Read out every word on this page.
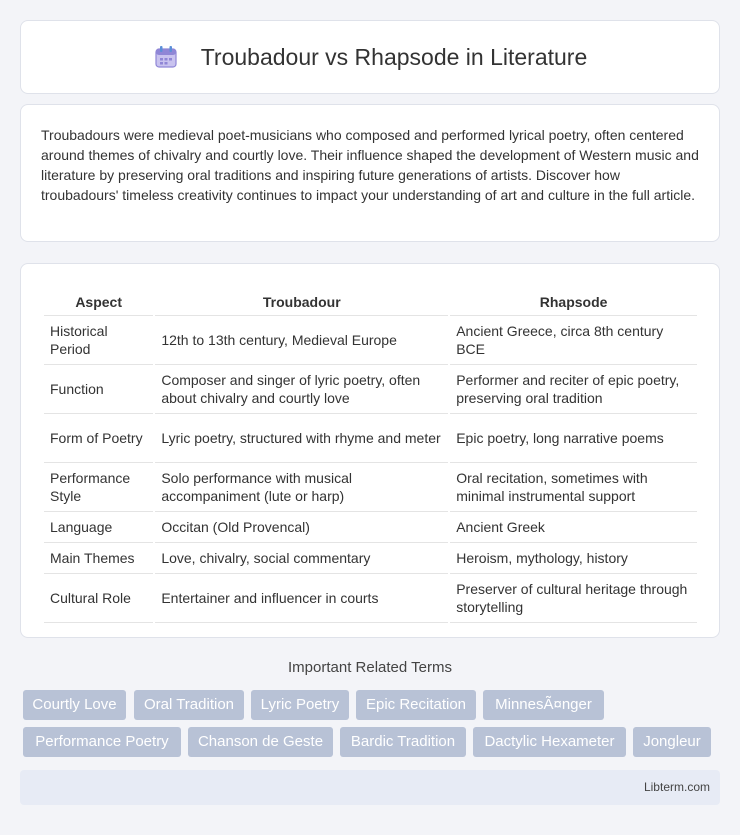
Troubadour vs Rhapsode in Literature

Troubadours were medieval poet-musicians who composed and performed lyrical poetry, often centered around themes of chivalry and courtly love. Their influence shaped the development of Western music and literature by preserving oral traditions and inspiring future generations of artists. Discover how troubadours' timeless creativity continues to impact your understanding of art and culture in the full article.

Aspect	Troubadour	Rhapsode
Historical Period	12th to 13th century, Medieval Europe	Ancient Greece, circa 8th century BCE
Function	Composer and singer of lyric poetry, often about chivalry and courtly love	Performer and reciter of epic poetry, preserving oral tradition
Form of Poetry	Lyric poetry, structured with rhyme and meter	Epic poetry, long narrative poems
Performance Style	Solo performance with musical accompaniment (lute or harp)	Oral recitation, sometimes with minimal instrumental support
Language	Occitan (Old Provencal)	Ancient Greek
Main Themes	Love, chivalry, social commentary	Heroism, mythology, history
Cultural Role	Entertainer and influencer in courts	Preserver of cultural heritage through storytelling
Important Related Terms
Courtly Love	Oral Tradition	Lyric Poetry	Epic Recitation	MinnesÃ¤nger
Performance Poetry	Chanson de Geste	Bardic Tradition	Dactylic Hexameter	Jongleur
Libterm.com
